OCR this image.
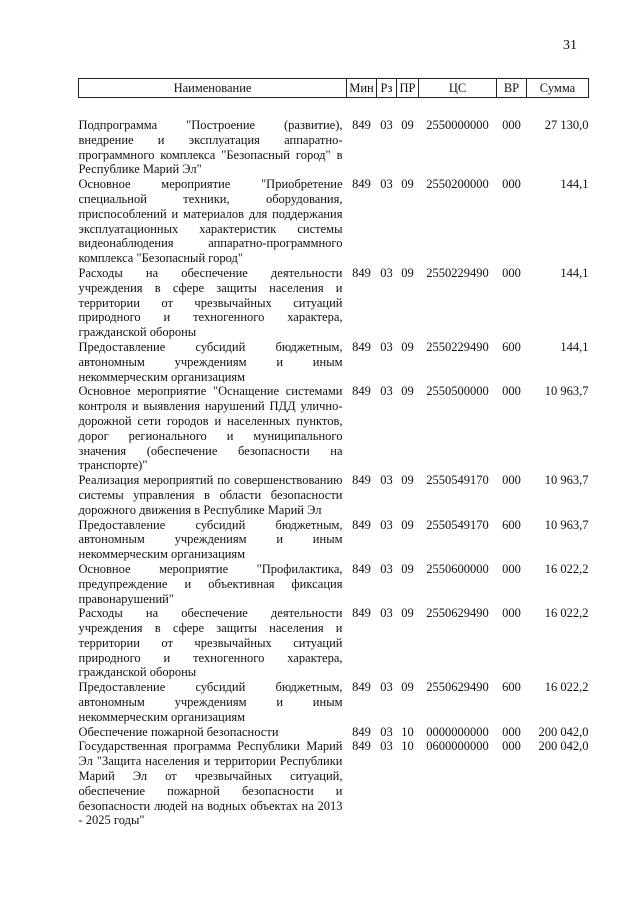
31
Наименование	Мин	Рз	ПР	ЦС	ВР	Сумма

Подпрограмма "Построение (развитие), внедрение и эксплуатация аппаратно-программного комплекса "Безопасный город" в Республике Марий Эл"	849	03	09	2550000000	000	27 130,0
Основное мероприятие "Приобретение специальной техники, оборудования, приспособлений и материалов для поддержания эксплуатационных характеристик системы видеонаблюдения аппаратно-программного комплекса "Безопасный город"	849	03	09	2550200000	000	144,1
Расходы на обеспечение деятельности учреждения в сфере защиты населения и территории от чрезвычайных ситуаций природного и техногенного характера, гражданской обороны	849	03	09	2550229490	000	144,1
Предоставление субсидий бюджетным, автономным учреждениям и иным некоммерческим организациям	849	03	09	2550229490	600	144,1
Основное мероприятие "Оснащение системами контроля и выявления нарушений ПДД улично-дорожной сети городов и населенных пунктов, дорог регионального и муниципального значения (обеспечение безопасности на транспорте)"	849	03	09	2550500000	000	10 963,7
Реализация мероприятий по совершенствованию системы управления в области безопасности дорожного движения в Республике Марий Эл	849	03	09	2550549170	000	10 963,7
Предоставление субсидий бюджетным, автономным учреждениям и иным некоммерческим организациям	849	03	09	2550549170	600	10 963,7
Основное мероприятие "Профилактика, предупреждение и объективная фиксация правонарушений"	849	03	09	2550600000	000	16 022,2
Расходы на обеспечение деятельности учреждения в сфере защиты населения и территории от чрезвычайных ситуаций природного и техногенного характера, гражданской обороны	849	03	09	2550629490	000	16 022,2
Предоставление субсидий бюджетным, автономным учреждениям и иным некоммерческим организациям	849	03	09	2550629490	600	16 022,2
Обеспечение пожарной безопасности	849	03	10	0000000000	000	200 042,0
Государственная программа Республики Марий Эл "Защита населения и территории Республики Марий Эл от чрезвычайных ситуаций, обеспечение пожарной безопасности и безопасности людей на водных объектах на 2013 - 2025 годы"	849	03	10	0600000000	000	200 042,0
